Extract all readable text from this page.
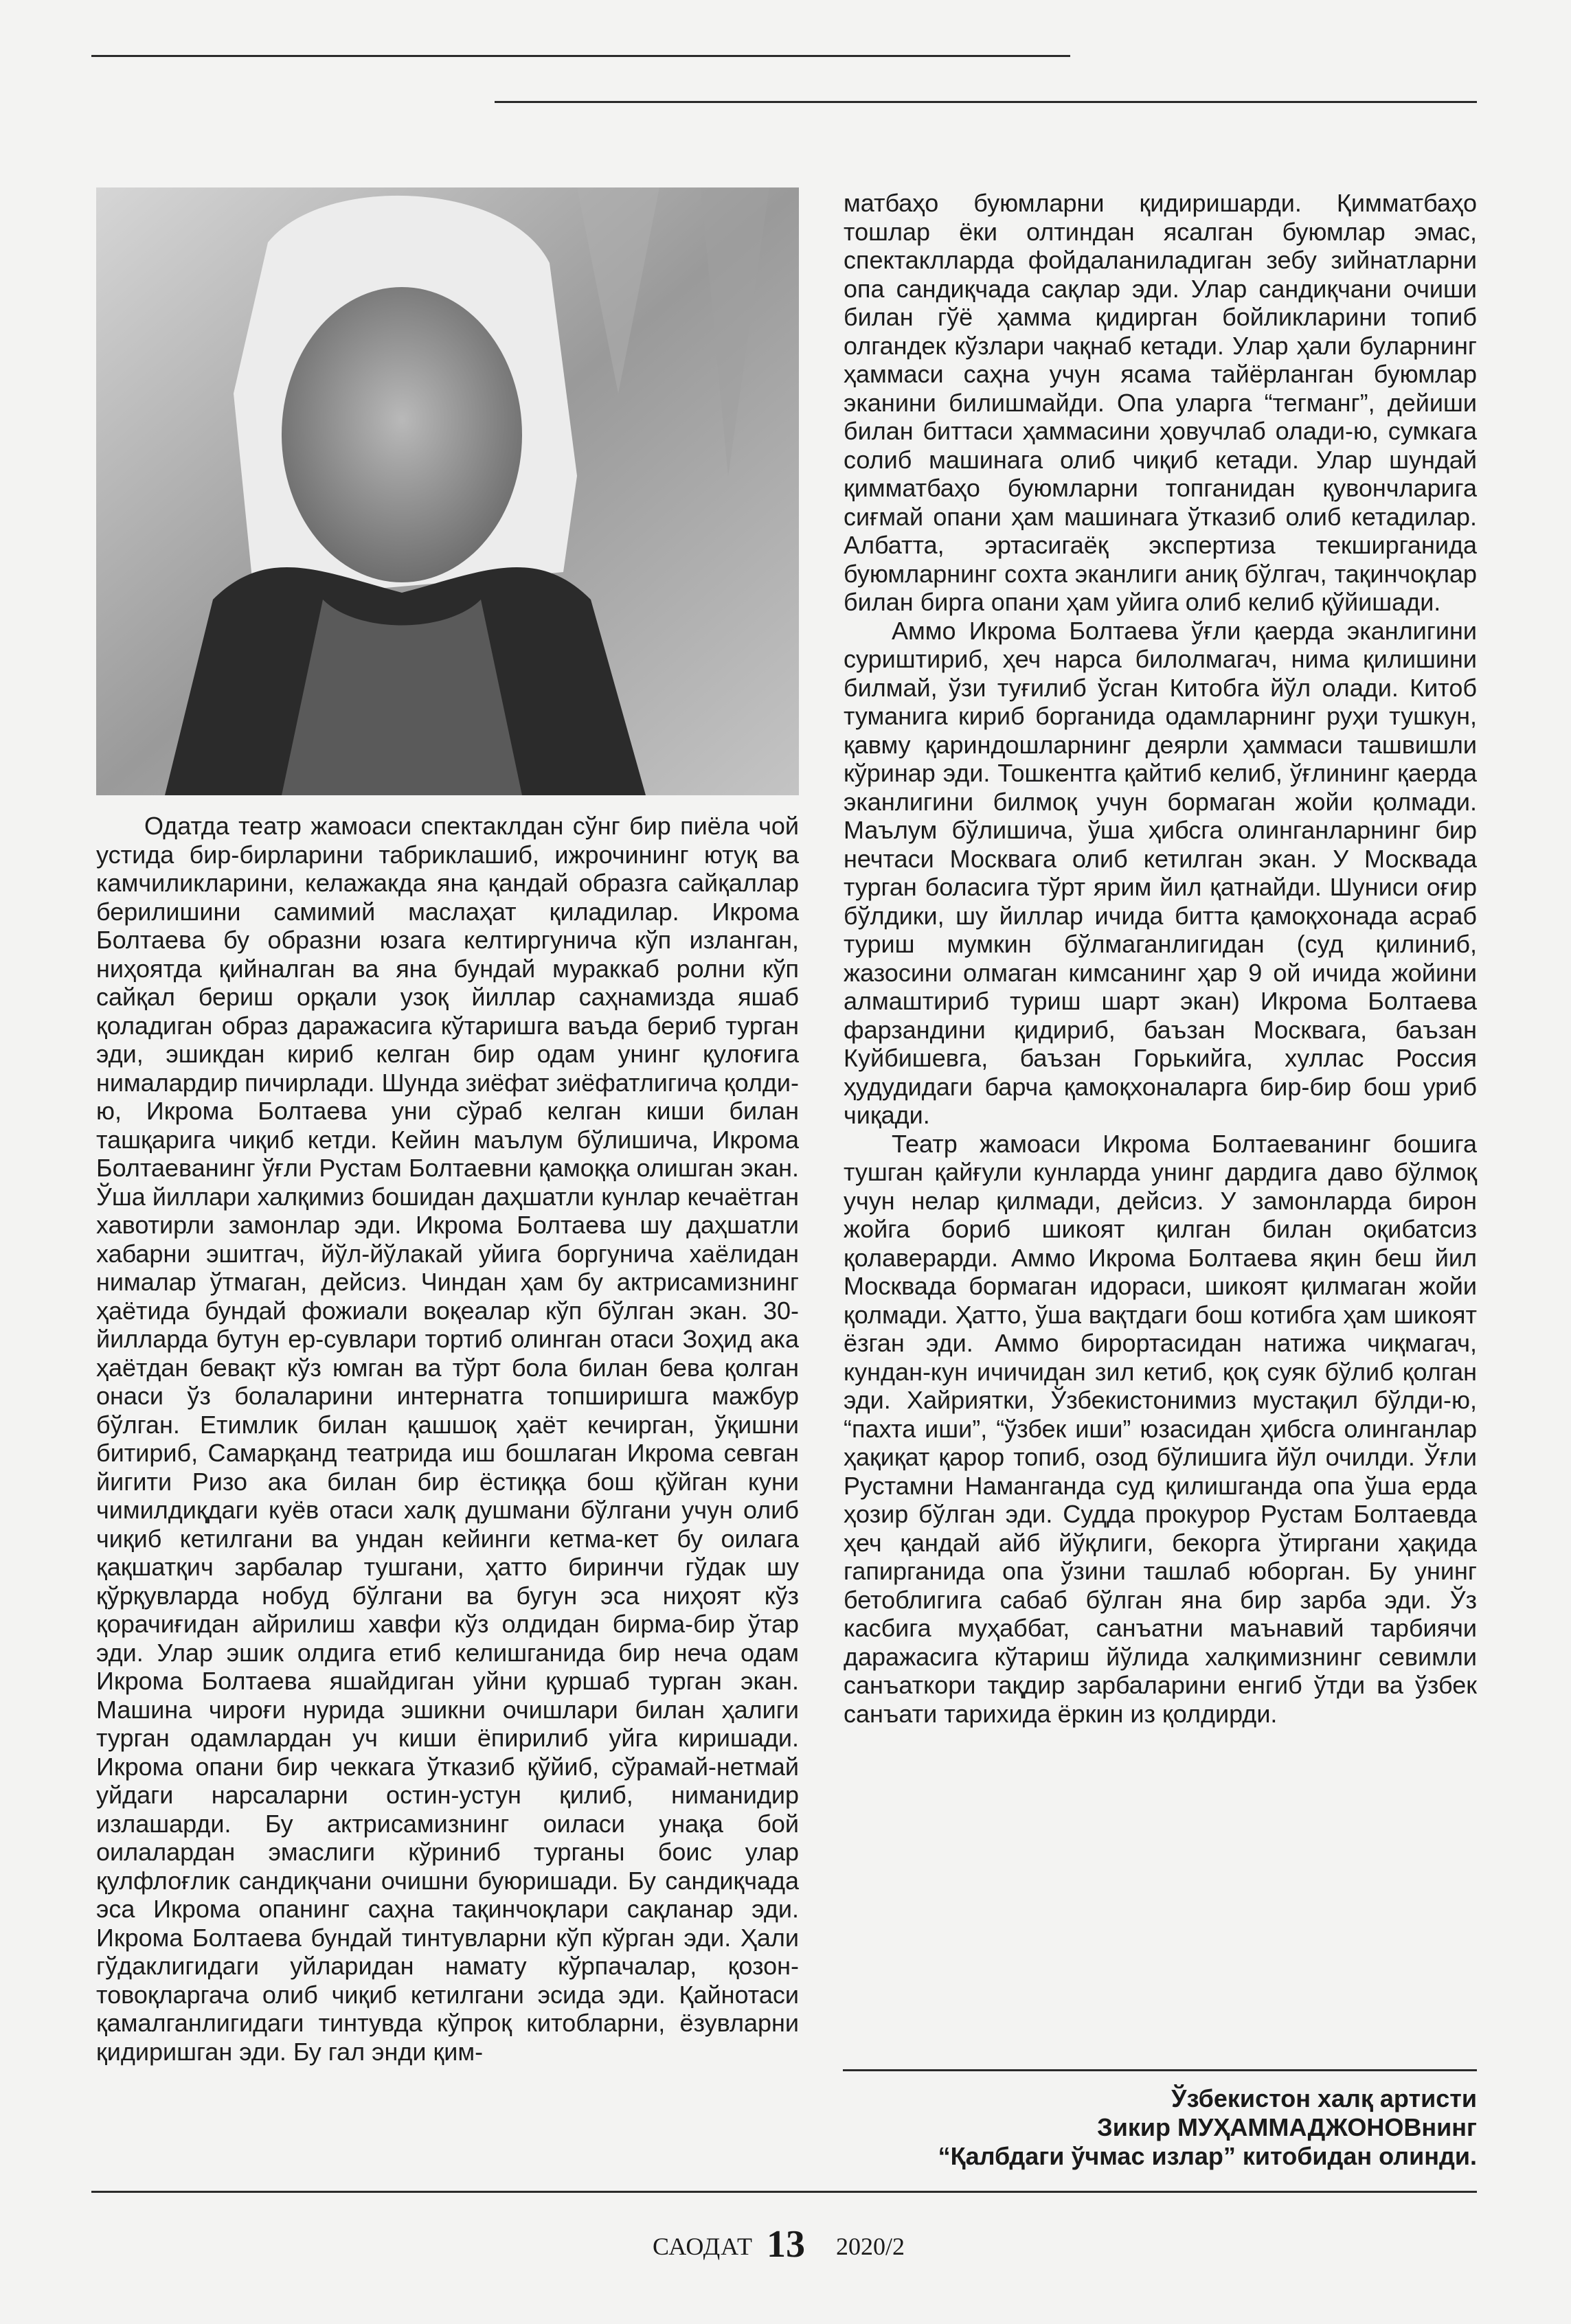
Одатда театр жамоаси спектаклдан сўнг бир пиёла чой устида бир-бирларини табриклашиб, ижрочининг ютуқ ва камчиликларини, келажакда яна қандай образга сайқаллар берилишини самимий маслаҳат қиладилар. Икрома Болтаева бу образни юзага келтиргунича кўп изланган, ниҳоятда қийналган ва яна бундай мураккаб ролни кўп сайқал бериш орқали узоқ йиллар саҳнамизда яшаб қоладиган образ даражасига кўтаришга ваъда бериб турган эди, эшикдан кириб келган бир одам унинг қулоғига нималардир пичирлади. Шунда зиёфат зиёфатлигича қолди-ю, Икрома Болтаева уни сўраб келган киши билан ташқарига чиқиб кетди. Кейин маълум бўлишича, Икрома Болтаеванинг ўғли Рустам Болтаевни қамоққа олишган экан. Ўша йиллари халқимиз бошидан даҳшатли кунлар кечаётган хавотирли замонлар эди. Икрома Болтаева шу даҳшатли хабарни эшитгач, йўл-йўлакай уйига боргунича хаёлидан нималар ўтмаган, дейсиз. Чиндан ҳам бу актрисамизнинг ҳаётида бундай фожиали воқеалар кўп бўлган экан. 30-йилларда бутун ер-сувлари тортиб олинган отаси Зоҳид ака ҳаётдан бевақт кўз юмган ва тўрт бола билан бева қолган онаси ўз болаларини интернатга топширишга мажбур бўлган. Етимлик билан қашшоқ ҳаёт кечирган, ўқишни битириб, Самарқанд театрида иш бошлаган Икрома севган йигити Ризо ака билан бир ёстиққа бош қўйган куни чимилдиқдаги куёв отаси халқ душмани бўлгани учун олиб чиқиб кетилгани ва ундан кейинги кетма-кет бу оилага қақшатқич зарбалар тушгани, ҳатто биринчи гўдак шу қўрқувларда нобуд бўлгани ва бугун эса ниҳоят кўз қорачиғидан айрилиш хавфи кўз олдидан бирма-бир ўтар эди. Улар эшик олдига етиб келишганида бир неча одам Икрома Болтаева яшайдиган уйни қуршаб турган экан. Машина чироғи нурида эшикни очишлари билан ҳалиги турган одамлардан уч киши ёпирилиб уйга киришади. Икрома опани бир чеккага ўтказиб қўйиб, сўрамай-нетмай уйдаги нарсаларни остин-устун қилиб, ниманидир излашарди. Бу актрисамизнинг оиласи унақа бой оилалардан эмаслиги кўриниб турганы боис улар қулфлоғлик сандиқчани очишни буюришади. Бу сандиқчада эса Икрома опанинг саҳна тақинчоқлари сақланар эди. Икрома Болтаева бундай тинтувларни кўп кўрган эди. Ҳали гўдаклигидаги уйларидан намату кўрпачалар, қозон-товоқларгача олиб чиқиб кетилгани эсида эди. Қайнотаси қамалганлигидаги тинтувда кўпроқ китобларни, ёзувларни қидиришган эди. Бу гал энди қим-

матбаҳо буюмларни қидиришарди. Қимматбаҳо тошлар ёки олтиндан ясалган буюмлар эмас, спектаклларда фойдаланиладиган зебу зийнатларни опа сандиқчада сақлар эди. Улар сандиқчани очиши билан гўё ҳамма қидирган бойликларини топиб олгандек кўзлари чақнаб кетади. Улар ҳали буларнинг ҳаммаси саҳна учун ясама тайёрланган буюмлар эканини билишмайди. Опа уларга “тегманг”, дейиши билан биттаси ҳаммасини ҳовучлаб олади-ю, сумкага солиб машинага олиб чиқиб кетади. Улар шундай қимматбаҳо буюмларни топганидан қувончларига сиғмай опани ҳам машинага ўтказиб олиб кетадилар. Албатта, эртасигаёқ экспертиза текширганида буюмларнинг сохта эканлиги аниқ бўлгач, тақинчоқлар билан бирга опани ҳам уйига олиб келиб қўйишади.

Аммо Икрома Болтаева ўғли қаерда эканлигини суриштириб, ҳеч нарса билолмагач, нима қилишини билмай, ўзи туғилиб ўсган Китобга йўл олади. Китоб туманига кириб борганида одамларнинг руҳи тушкун, қавму қариндошларнинг деярли ҳаммаси ташвишли кўринар эди. Тошкентга қайтиб келиб, ўғлининг қаерда эканлигини билмоқ учун бормаган жойи қолмади. Маълум бўлишича, ўша ҳибсга олинганларнинг бир нечтаси Москвага олиб кетилган экан. У Москвада турган боласига тўрт ярим йил қатнайди. Шуниси оғир бўлдики, шу йиллар ичида битта қамоқхонада асраб туриш мумкин бўлмаганлигидан (суд қилиниб, жазосини олмаган кимсанинг ҳар 9 ой ичида жойини алмаштириб туриш шарт экан) Икрома Болтаева фарзандини қидириб, баъзан Москвага, баъзан Куйбишевга, баъзан Горькийга, хуллас Россия ҳудудидаги барча қамоқхоналарга бир-бир бош уриб чиқади.

Театр жамоаси Икрома Болтаеванинг бошига тушган қайғули кунларда унинг дардига даво бўлмоқ учун нелар қилмади, дейсиз. У замонларда бирон жойга бориб шикоят қилган билан оқибатсиз қолаверарди. Аммо Икрома Болтаева яқин беш йил Москвада бормаган идораси, шикоят қилмаган жойи қолмади. Ҳатто, ўша вақтдаги бош котибга ҳам шикоят ёзган эди. Аммо бирортасидан натижа чиқмагач, кундан-кун ичичидан зил кетиб, қоқ суяк бўлиб қолган эди. Хайриятки, Ўзбекистонимиз мустақил бўлди-ю, “пахта иши”, “ўзбек иши” юзасидан ҳибсга олинганлар ҳақиқат қарор топиб, озод бўлишига йўл очилди. Ўғли Рустамни Наманганда суд қилишганда опа ўша ерда ҳозир бўлган эди. Судда прокурор Рустам Болтаевда ҳеч қандай айб йўқлиги, бекорга ўтиргани ҳақида гапирганида опа ўзини ташлаб юборган. Бу унинг бетоблигига сабаб бўлган яна бир зарба эди. Ўз касбига муҳаббат, санъатни маънавий тарбиячи даражасига кўтариш йўлида халқимизнинг севимли санъаткори тақдир зарбаларини енгиб ўтди ва ўзбек санъати тарихида ёркин из қолдирди.

Ўзбекистон халқ артисти
Зикир МУҲАММАДЖОНОВнинг
“Қалбдаги ўчмас излар” китобидан олинди.
САОДАТ 13 2020/2
